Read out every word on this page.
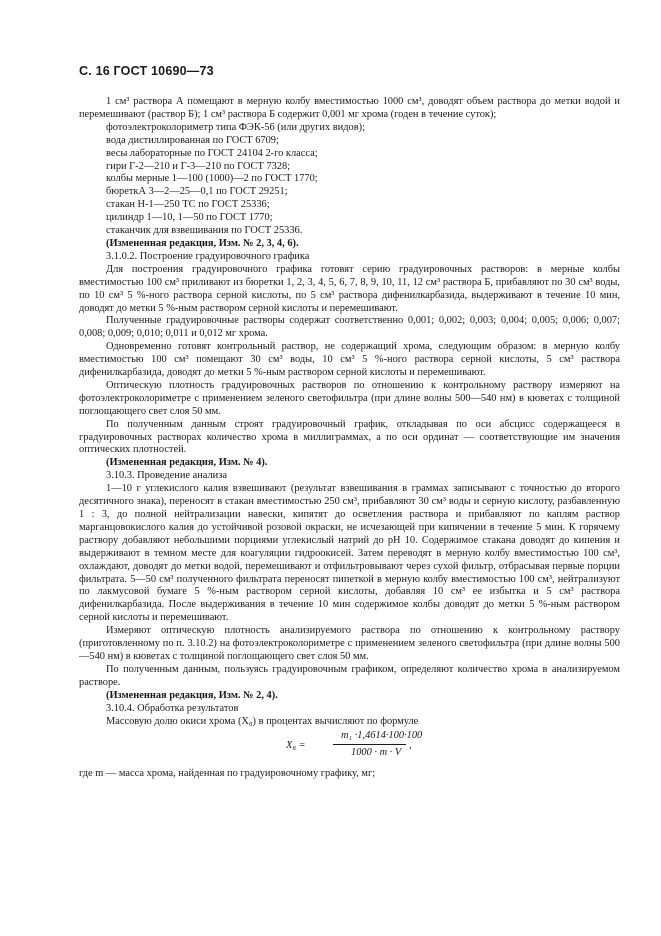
С. 16 ГОСТ 10690—73

1 см³ раствора А помещают в мерную колбу вместимостью 1000 см³, доводят объем раствора до метки водой и перемешивают (раствор Б); 1 см³ раствора Б содержит 0,001 мг хрома (годен в течение суток);

фотоэлектроколориметр типа ФЭК-56 (или других видов);

вода дистиллированная по ГОСТ 6709;

весы лабораторные по ГОСТ 24104 2-го класса;

гири Г-2—210 и Г-3—210 по ГОСТ 7328;

колбы мерные 1—100 (1000)—2 по ГОСТ 1770;

бюреткА 3—2—25—0,1 по ГОСТ 29251;

стакан Н-1—250 ТС по ГОСТ 25336;

цилиндр 1—10, 1—50 по ГОСТ 1770;

стаканчик для взвешивания по ГОСТ 25336.

(Измененная редакция, Изм. № 2, 3, 4, 6).

3.1.0.2. Построение градуировочного графика

Для построения градуировочного графика готовят серию градуировочных растворов: в мерные колбы вместимостью 100 см³ приливают из бюретки 1, 2, 3, 4, 5, 6, 7, 8, 9, 10, 11, 12 см³ раствора Б, прибавляют по 30 см³ воды, по 10 см³ 5 %-ного раствора серной кислоты, по 5 см³ раствора дифенилкарбазида, выдерживают в течение 10 мин, доводят до метки 5 %-ным раствором серной кислоты и перемешивают.

Полученные градуировочные растворы содержат соответственно 0,001; 0,002; 0,003; 0,004; 0,005; 0,006; 0,007; 0,008; 0,009; 0,010; 0,011 и 0,012 мг хрома.

Одновременно готовят контрольный раствор, не содержащий хрома, следующим образом: в мерную колбу вместимостью 100 см³ помещают 30 см³ воды, 10 см³ 5 %-ного раствора серной кислоты, 5 см³ раствора дифенилкарбазида, доводят до метки 5 %-ным раствором серной кислоты и перемешивают.

Оптическую плотность градуировочных растворов по отношению к контрольному раствору измеряют на фотоэлектроколориметре с применением зеленого светофильтра (при длине волны 500—540 нм) в кюветах с толщиной поглощающего свет слоя 50 мм.

По полученным данным строят градуировочный график, откладывая по оси абсцисс содержащееся в градуировочных растворах количество хрома в миллиграммах, а по оси ординат — соответствующие им значения оптических плотностей.

(Измененная редакция, Изм. № 4).

3.10.3. Проведение анализа

1—10 г углекислого калия взвешивают (результат взвешивания в граммах записывают с точностью до второго десятичного знака), переносят в стакан вместимостью 250 см³, прибавляют 30 см³ воды и серную кислоту, разбавленную 1 : 3, до полной нейтрализации навески, кипятят до осветления раствора и прибавляют по каплям раствор марганцовокислого калия до устойчивой розовой окраски, не исчезающей при кипячении в течение 5 мин. К горячему раствору добавляют небольшими порциями углекислый натрий до рН 10. Содержимое стакана доводят до кипения и выдерживают в темном месте для коагуляции гидроокисей. Затем переводят в мерную колбу вместимостью 100 см³, охлаждают, доводят до метки водой, перемешивают и отфильтровывают через сухой фильтр, отбрасывая первые порции фильтрата. 5—50 см³ полученного фильтрата переносят пипеткой в мерную колбу вместимостью 100 см³, нейтрализуют по лакмусовой бумаге 5 %-ным раствором серной кислоты, добавляя 10 см³ ее избытка и 5 см³ раствора дифенилкарбазида. После выдерживания в течение 10 мин содержимое колбы доводят до метки 5 %-ным раствором серной кислоты и перемешивают.

Измеряют оптическую плотность анализируемого раствора по отношению к контрольному раствору (приготовленному по п. 3.10.2) на фотоэлектроколориметре с применением зеленого светофильтра (при длине волны 500—540 нм) в кюветах с толщиной поглощающего свет слоя 50 мм.

По полученным данным, пользуясь градуировочным графиком, определяют количество хрома в анализируемом растворе.

(Измененная редакция, Изм. № 2, 4).

3.10.4. Обработка результатов

Массовую долю окиси хрома (X₈) в процентах вычисляют по формуле

X₈ =
m₁ ·1,4614·100·100
1000 · m · V
,

где m — масса хрома, найденная по градуировочному графику, мг;
